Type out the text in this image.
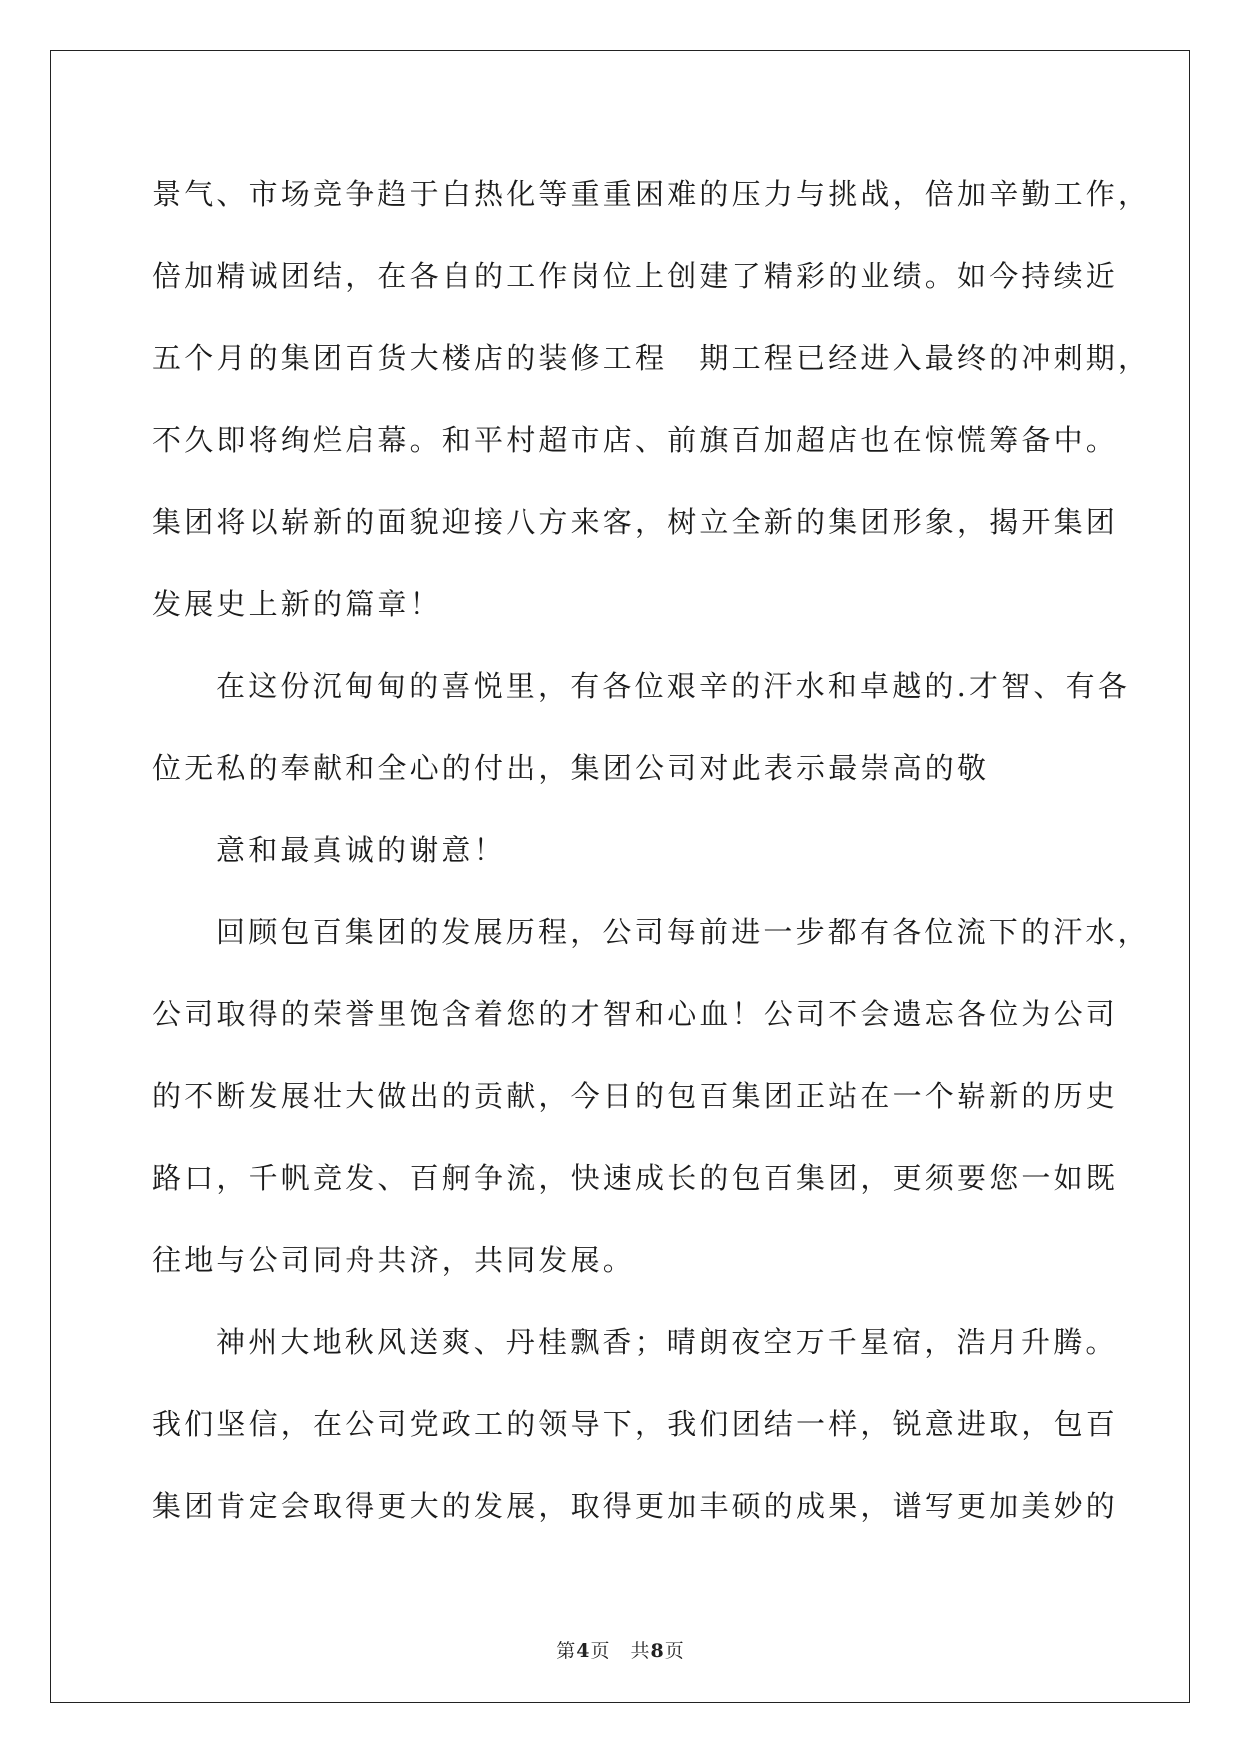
景气、市场竞争趋于白热化等重重困难的压力与挑战，倍加辛勤工作，
倍加精诚团结，在各自的工作岗位上创建了精彩的业绩。如今持续近
五个月的集团百货大楼店的装修工程　期工程已经进入最终的冲刺期，
不久即将绚烂启幕。和平村超市店、前旗百加超店也在惊慌筹备中。
集团将以崭新的面貌迎接八方来客，树立全新的集团形象，揭开集团
发展史上新的篇章！
在这份沉甸甸的喜悦里，有各位艰辛的汗水和卓越的.才智、有各
位无私的奉献和全心的付出，集团公司对此表示最崇高的敬
意和最真诚的谢意！
回顾包百集团的发展历程，公司每前进一步都有各位流下的汗水，
公司取得的荣誉里饱含着您的才智和心血！公司不会遗忘各位为公司
的不断发展壮大做出的贡献，今日的包百集团正站在一个崭新的历史
路口，千帆竞发、百舸争流，快速成长的包百集团，更须要您一如既
往地与公司同舟共济，共同发展。
神州大地秋风送爽、丹桂飘香；晴朗夜空万千星宿，浩月升腾。
我们坚信，在公司党政工的领导下，我们团结一样，锐意进取，包百
集团肯定会取得更大的发展，取得更加丰硕的成果，谱写更加美妙的
第4页　共8页
